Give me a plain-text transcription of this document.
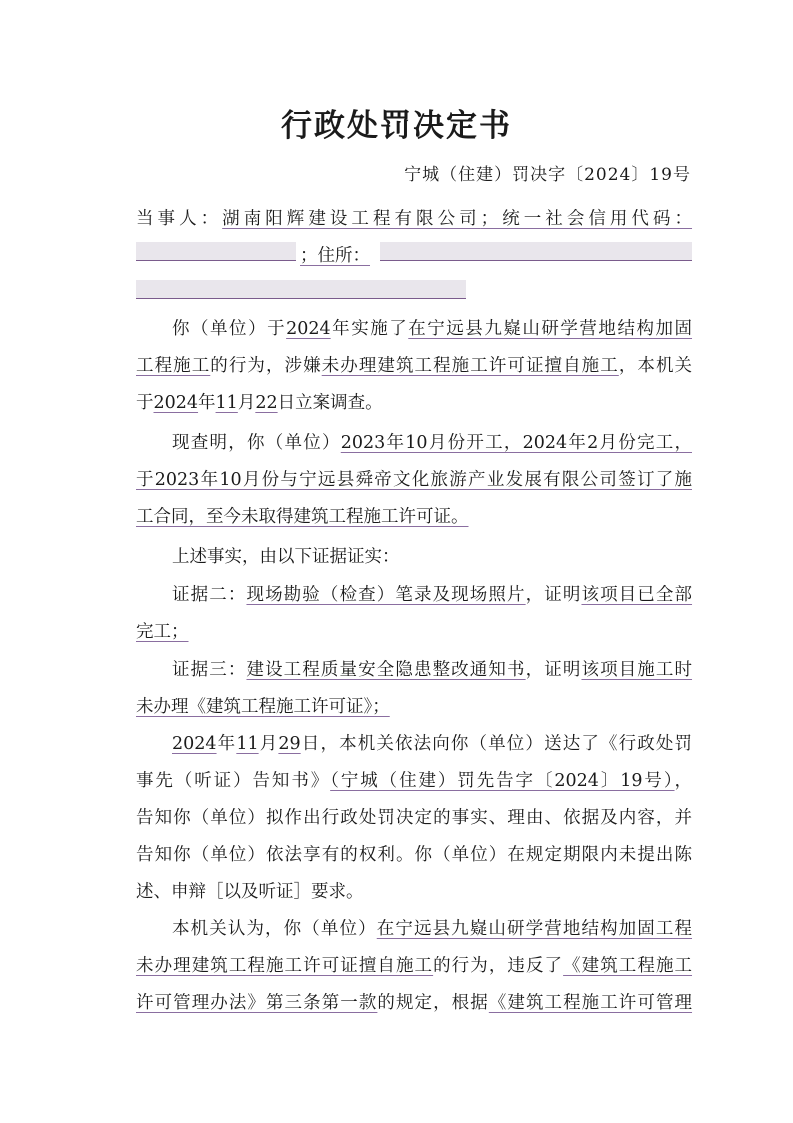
行政处罚决定书
宁城（住建）罚决字〔2024〕19号
当事人：湖南阳辉建设工程有限公司；统一社会信用代码：
；住所：
你（单位）于2024年实施了在宁远县九嶷山研学营地结构加固
工程施工的行为，涉嫌未办理建筑工程施工许可证擅自施工，本机关
于2024年11月22日立案调查。
现查明，你（单位）2023年10月份开工，2024年2月份完工，
于2023年10月份与宁远县舜帝文化旅游产业发展有限公司签订了施
工合同，至今未取得建筑工程施工许可证。
上述事实，由以下证据证实：
证据二：现场勘验（检查）笔录及现场照片，证明该项目已全部
完工；
证据三：建设工程质量安全隐患整改通知书，证明该项目施工时
未办理《建筑工程施工许可证》；
2024年11月29日，本机关依法向你（单位）送达了《行政处罚
事先（听证）告知书》（宁城（住建）罚先告字〔2024〕19号），
告知你（单位）拟作出行政处罚决定的事实、理由、依据及内容，并
告知你（单位）依法享有的权利。你（单位）在规定期限内未提出陈
述、申辩［以及听证］要求。
本机关认为，你（单位）在宁远县九嶷山研学营地结构加固工程
未办理建筑工程施工许可证擅自施工的行为，违反了《建筑工程施工
许可管理办法》第三条第一款的规定，根据《建筑工程施工许可管理
